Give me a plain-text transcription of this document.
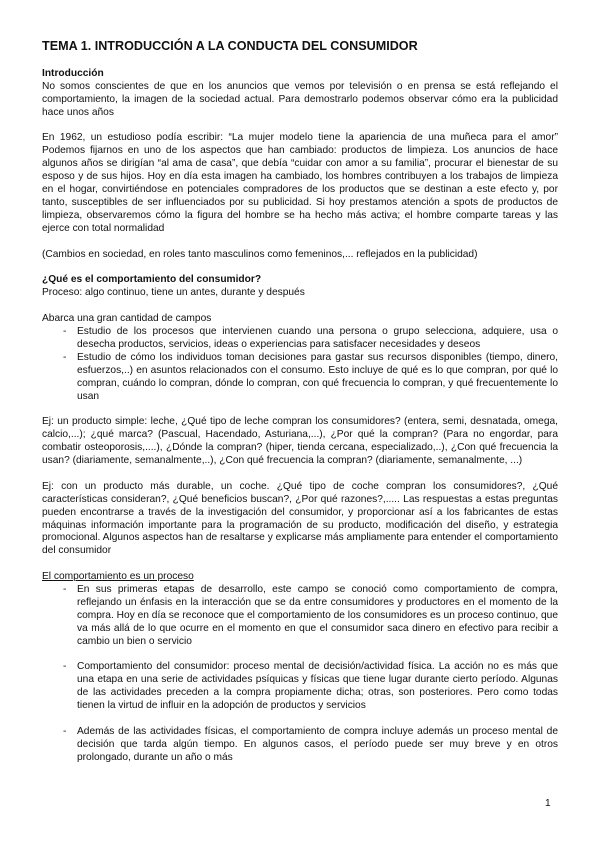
TEMA 1. INTRODUCCIÓN A LA CONDUCTA DEL CONSUMIDOR
Introducción

No somos conscientes de que en los anuncios que vemos por televisión o en prensa se está reflejando el comportamiento, la imagen de la sociedad actual. Para demostrarlo podemos observar cómo era la publicidad hace unos años

En 1962, un estudioso podía escribir: “La mujer modelo tiene la apariencia de una muñeca para el amor” Podemos fijarnos en uno de los aspectos que han cambiado: productos de limpieza. Los anuncios de hace algunos años se dirigían “al ama de casa”, que debía “cuidar con amor a su familia”, procurar el bienestar de su esposo y de sus hijos. Hoy en día esta imagen ha cambiado, los hombres contribuyen a los trabajos de limpieza en el hogar, convirtiéndose en potenciales compradores de los productos que se destinan a este efecto y, por tanto, susceptibles de ser influenciados por su publicidad. Si hoy prestamos atención a spots de productos de limpieza, observaremos cómo la figura del hombre se ha hecho más activa; el hombre comparte tareas y las ejerce con total normalidad

(Cambios en sociedad, en roles tanto masculinos como femeninos,... reflejados en la publicidad)

¿Qué es el comportamiento del consumidor?

Proceso: algo continuo, tiene un antes, durante y después

Abarca una gran cantidad de campos

- Estudio de los procesos que intervienen cuando una persona o grupo selecciona, adquiere, usa o desecha productos, servicios, ideas o experiencias para satisfacer necesidades y deseos
- Estudio de cómo los individuos toman decisiones para gastar sus recursos disponibles (tiempo, dinero, esfuerzos,..) en asuntos relacionados con el consumo. Esto incluye de qué es lo que compran, por qué lo compran, cuándo lo compran, dónde lo compran, con qué frecuencia lo compran, y qué frecuentemente lo usan

Ej: un producto simple: leche, ¿Qué tipo de leche compran los consumidores? (entera, semi, desnatada, omega, calcio,...); ¿qué marca? (Pascual, Hacendado, Asturiana,...), ¿Por qué la compran? (Para no engordar, para combatir osteoporosis,....), ¿Dónde la compran? (hiper, tienda cercana, especializado,..), ¿Con qué frecuencia la usan? (diariamente, semanalmente,..), ¿Con qué frecuencia la compran? (diariamente, semanalmente, ...)

Ej: con un producto más durable, un coche. ¿Qué tipo de coche compran los consumidores?, ¿Qué características consideran?, ¿Qué beneficios buscan?, ¿Por qué razones?,..... Las respuestas a estas preguntas pueden encontrarse a través de la investigación del consumidor, y proporcionar así a los fabricantes de estas máquinas información importante para la programación de su producto, modificación del diseño, y estrategia promocional. Algunos aspectos han de resaltarse y explicarse más ampliamente para entender el comportamiento del consumidor

El comportamiento es un proceso
- En sus primeras etapas de desarrollo, este campo se conoció como comportamiento de compra, reflejando un énfasis en la interacción que se da entre consumidores y productores en el momento de la compra. Hoy en día se reconoce que el comportamiento de los consumidores es un proceso continuo, que va más allá de lo que ocurre en el momento en que el consumidor saca dinero en efectivo para recibir a cambio un bien o servicio
- Comportamiento del consumidor: proceso mental de decisión/actividad física. La acción no es más que una etapa en una serie de actividades psíquicas y físicas que tiene lugar durante cierto período. Algunas de las actividades preceden a la compra propiamente dicha; otras, son posteriores. Pero como todas tienen la virtud de influir en la adopción de productos y servicios
- Además de las actividades físicas, el comportamiento de compra incluye además un proceso mental de decisión que tarda algún tiempo. En algunos casos, el período puede ser muy breve y en otros prolongado, durante un año o más
1
